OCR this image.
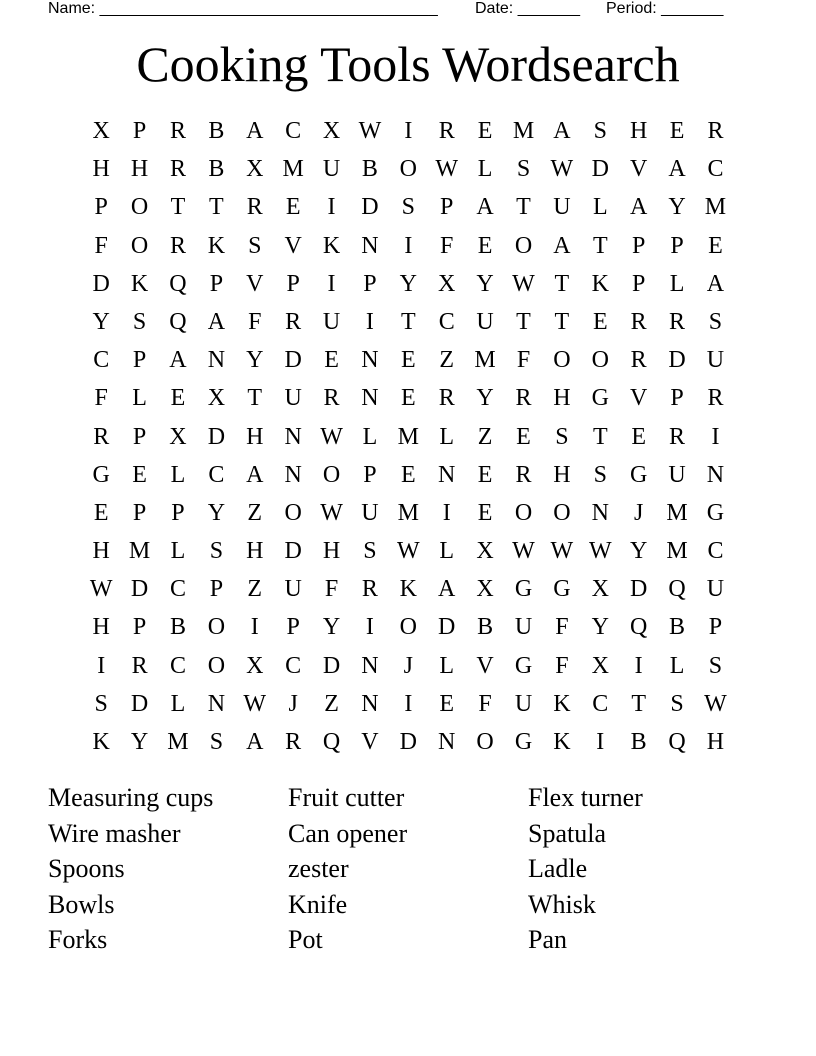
Name: ______________________________________ Date: _______ Period: _______
Cooking Tools Wordsearch
X P R B A C X W I	R E M A S H E R
H H R B X M U B O W L	S W D V A C
P O T T R E	I	D S	P A T U L A Y M
F O R K S V K N	I	F	E O A T	P	P	E
D K Q P V P	I	P Y X Y W T K P	L A
Y S Q A F R U	I	T C U T T E R R S
C P A N Y D E N E Z M F O O R D U
F	L E X T U R N E R Y R H G V P R
R P X D H N W L M L Z E	S	T E R	I
G E L C A N O P	E N E R H S G U N
E	P	P Y Z O W U M I	E O O N	J M G
H M L	S H D H S W L X W W W Y M C
W D C P	Z U F R K A X G G X D Q U
H P B O	I	P Y	I	O D B U F Y Q B P
I	R C O X C D N	J	L V G F X	I	L	S
S D L N W J	Z N	I	E	F U K C T	S W
K Y M S A R Q V D N O G K	I	B Q H
Measuring cups	Fruit cutter	Flex turner
Wire masher	Can opener	Spatula
Spoons	zester	Ladle
Bowls	Knife	Whisk
Forks	Pot	Pan
